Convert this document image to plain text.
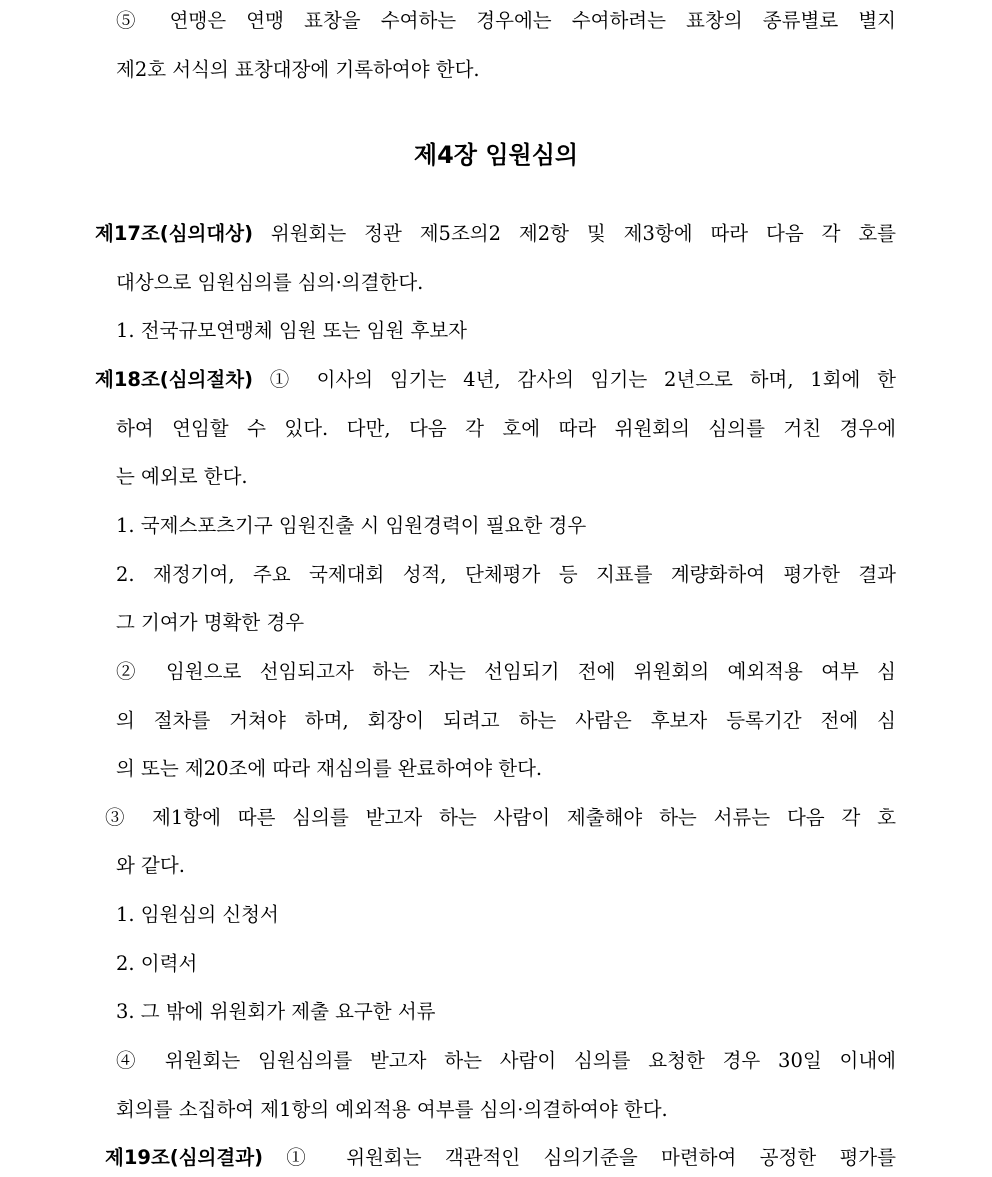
⑤ 연맹은 연맹 표창을 수여하는 경우에는 수여하려는 표창의 종류별로 별지
제2호 서식의 표창대장에 기록하여야 한다.
제4장 임원심의
제17조(심의대상) 위원회는 정관 제5조의2 제2항 및 제3항에 따라 다음 각 호를
대상으로 임원심의를 심의·의결한다.
1. 전국규모연맹체 임원 또는 임원 후보자
제18조(심의절차) ① 이사의 임기는 4년, 감사의 임기는 2년으로 하며, 1회에 한
하여 연임할 수 있다. 다만, 다음 각 호에 따라 위원회의 심의를 거친 경우에
는 예외로 한다.
1. 국제스포츠기구 임원진출 시 임원경력이 필요한 경우
2. 재정기여, 주요 국제대회 성적, 단체평가 등 지표를 계량화하여 평가한 결과
그 기여가 명확한 경우
② 임원으로 선임되고자 하는 자는 선임되기 전에 위원회의 예외적용 여부 심
의 절차를 거쳐야 하며, 회장이 되려고 하는 사람은 후보자 등록기간 전에 심
의 또는 제20조에 따라 재심의를 완료하여야 한다.
③ 제1항에 따른 심의를 받고자 하는 사람이 제출해야 하는 서류는 다음 각 호
와 같다.
1. 임원심의 신청서
2. 이력서
3. 그 밖에 위원회가 제출 요구한 서류
④ 위원회는 임원심의를 받고자 하는 사람이 심의를 요청한 경우 30일 이내에
회의를 소집하여 제1항의 예외적용 여부를 심의·의결하여야 한다.
제19조(심의결과) ① 위원회는 객관적인 심의기준을 마련하여 공정한 평가를
